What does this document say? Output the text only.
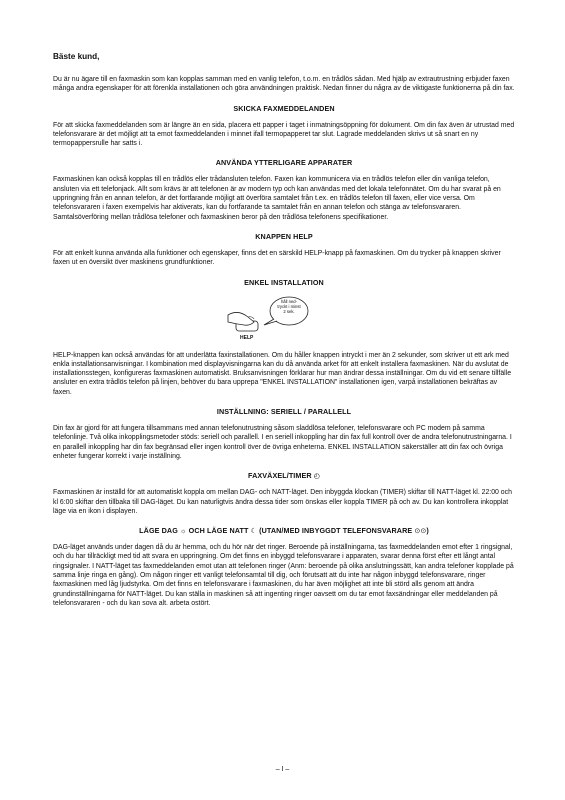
Bäste kund,

Du är nu ägare till en faxmaskin som kan kopplas samman med en vanlig telefon, t.o.m. en trådlös sådan. Med hjälp av extrautrustning erbjuder faxen många andra egenskaper för att förenkla installationen och göra användningen praktisk. Nedan finner du några av de viktigaste funktionerna på din fax.

SKICKA FAXMEDDELANDEN

För att skicka faxmeddelanden som är längre än en sida, placera ett papper i taget i inmatningsöppning för dokument. Om din fax även är utrustad med telefonsvarare är det möjligt att ta emot faxmeddelanden i minnet ifall termopapperet tar slut. Lagrade meddelanden skrivs ut så snart en ny termopappersrulle har satts i.

ANVÄNDA YTTERLIGARE APPARATER

Faxmaskinen kan också kopplas till en trådlös eller trådansluten telefon. Faxen kan kommunicera via en trådlös telefon eller din vanliga telefon, ansluten via ett telefonjack. Allt som krävs är att telefonen är av modern typ och kan användas med det lokala telefonnätet. Om du har svarat på en uppringning från en annan telefon, är det fortfarande möjligt att överföra samtalet från t.ex. en trådlös telefon till faxen, eller vice versa. Om telefonsvararen i faxen exempelvis har aktiverats, kan du fortfarande ta samtalet från en annan telefon och stänga av telefonsvararen. Samtalsöverföring mellan trådlösa telefoner och faxmaskinen beror på den trådlösa telefonens specifikationer.

KNAPPEN HELP

För att enkelt kunna använda alla funktioner och egenskaper, finns det en särskild HELP-knapp på faxmaskinen. Om du trycker på knappen skriver faxen ut en översikt över maskinens grundfunktioner.

ENKEL INSTALLATION
håll ned-
tryckt i minst
2 sek.
HELP

HELP-knappen kan också användas för att underlätta faxinstallationen. Om du håller knappen intryckt i mer än 2 sekunder, som skriver ut ett ark med enkla installationsanvisningar. I kombination med displayvisningarna kan du då använda arket för att enkelt installera faxmaskinen. När du avslutat de installationsstegen, konfigureras faxmaskinen automatiskt. Bruksanvisningen förklarar hur man ändrar dessa inställningar. Om du vid ett senare tillfälle ansluter en extra trådlös telefon på linjen, behöver du bara upprepa "ENKEL INSTALLATION" installationen igen, varpå installationen bekräftas av faxen.

INSTÄLLNING: SERIELL / PARALLELL

Din fax är gjord för att fungera tillsammans med annan telefonutrustning såsom sladdlösa telefoner, telefonsvarare och PC modem på samma telefonlinje. Två olika inkopplingsmetoder stöds: seriell och parallell. I en seriell inkoppling har din fax full kontroll över de andra telefonutrustningarna. I en parallell inkoppling har din fax begränsad eller ingen kontroll över de övriga enheterna. ENKEL INSTALLATION säkerställer att din fax och övriga enheter fungerar korrekt i varje inställning.

FAXVÄXEL/TIMER ◴

Faxmaskinen är inställd för att automatiskt koppla om mellan DAG- och NATT-läget. Den inbyggda klockan (TIMER) skiftar till NATT-läget kl. 22:00 och kl 6:00 skiftar den tillbaka till DAG-läget. Du kan naturligtvis ändra dessa tider som önskas eller koppla TIMER på och av. Du kan kontrollera inkopplat läge via en ikon i displayen.

LÄGE DAG ☼ OCH LÄGE NATT ☾ (UTAN/MED INBYGGDT TELEFONSVARARE ⊙⊙)

DAG-läget används under dagen då du är hemma, och du hör när det ringer. Beroende på inställningarna, tas faxmeddelanden emot efter 1 ringsignal, och du har tillräckligt med tid att svara en uppringning. Om det finns en inbyggd telefonsvarare i apparaten, svarar denna först efter ett långt antal ringsignaler. I NATT-läget tas faxmeddelanden emot utan att telefonen ringer (Anm: beroende på olika anslutningssätt, kan andra telefoner kopplade på samma linje ringa en gång). Om någon ringer ett vanligt telefonsamtal till dig, och förutsatt att du inte har någon inbyggd telefonsvarare, ringer faxmaskinen med låg ljudstyrka. Om det finns en telefonsvarare i faxmaskinen, du har även möjlighet att inte bli störd alls genom att ändra grundinställningarna för NATT-läget. Du kan ställa in maskinen så att ingenting ringer oavsett om du tar emot faxsändningar eller meddelanden på telefonsvararen - och du kan sova alt. arbeta ostört.

– I –
